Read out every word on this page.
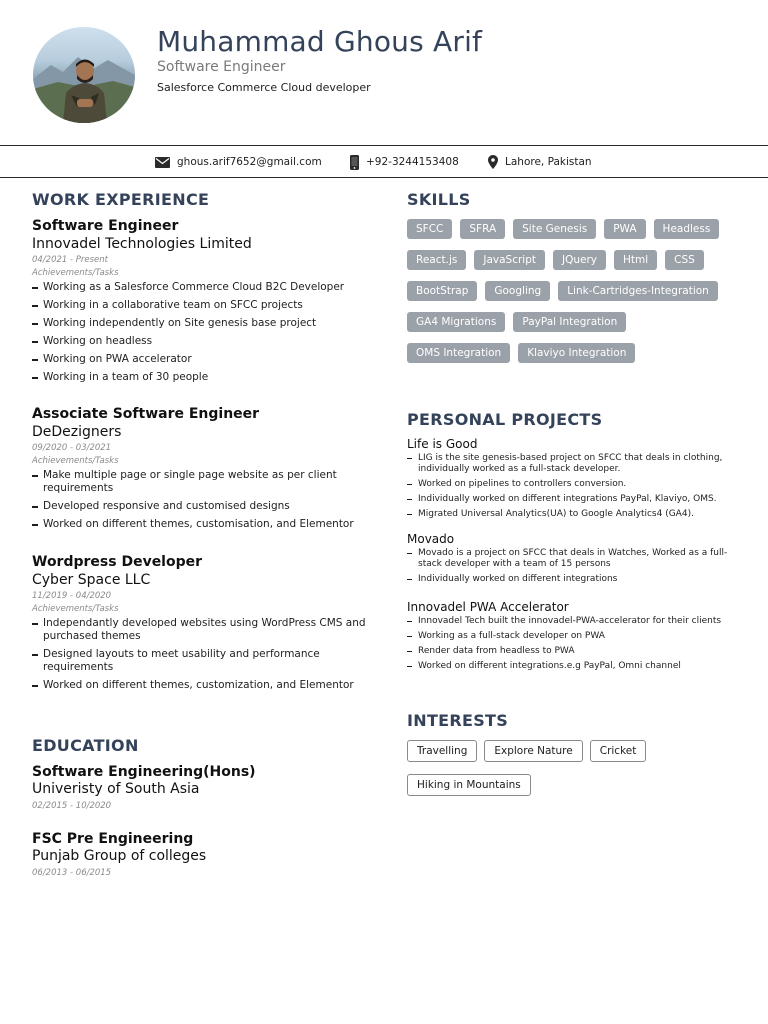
Muhammad Ghous Arif
Software Engineer
Salesforce Commerce Cloud developer
ghous.arif7652@gmail.com	+92-3244153408	Lahore, Pakistan
WORK EXPERIENCE
Software Engineer
Innovadel Technologies Limited
04/2021 - Present
Achievements/Tasks
Working as a Salesforce Commerce Cloud B2C Developer
Working in a collaborative team on SFCC projects
Working independently on Site genesis base project
Working on headless
Working on PWA accelerator
Working in a team of 30 people
Associate Software Engineer
DeDezigners
09/2020 - 03/2021
Achievements/Tasks
Make multiple page or single page website as per client requirements
Developed responsive and customised designs
Worked on different themes, customisation, and Elementor
Wordpress Developer
Cyber Space LLC
11/2019 - 04/2020
Achievements/Tasks
Independantly developed websites using WordPress CMS and purchased themes
Designed layouts to meet usability and performance requirements
Worked on different themes, customization, and Elementor
EDUCATION
Software Engineering(Hons)
Univeristy of South Asia
02/2015 - 10/2020
FSC Pre Engineering
Punjab Group of colleges
06/2013 - 06/2015
SKILLS
SFCC	SFRA	Site Genesis	PWA	Headless
React.js	JavaScript	JQuery	Html	CSS
BootStrap	Googling	Link-Cartridges-Integration
GA4 Migrations	PayPal Integration
OMS Integration	Klaviyo Integration
PERSONAL PROJECTS
Life is Good
LIG is the site genesis-based project on SFCC that deals in clothing, individually worked as a full-stack developer.
Worked on pipelines to controllers conversion.
Individually worked on different integrations PayPal, Klaviyo, OMS.
Migrated Universal Analytics(UA) to Google Analytics4 (GA4).
Movado
Movado is a project on SFCC that deals in Watches, Worked as a full-stack developer with a team of 15 persons
Individually worked on different integrations
Innovadel PWA Accelerator
Innovadel Tech built the innovadel-PWA-accelerator for their clients
Working as a full-stack developer on PWA
Render data from headless to PWA
Worked on different integrations.e.g PayPal, Omni channel
INTERESTS
Travelling	Explore Nature	Cricket
Hiking in Mountains
